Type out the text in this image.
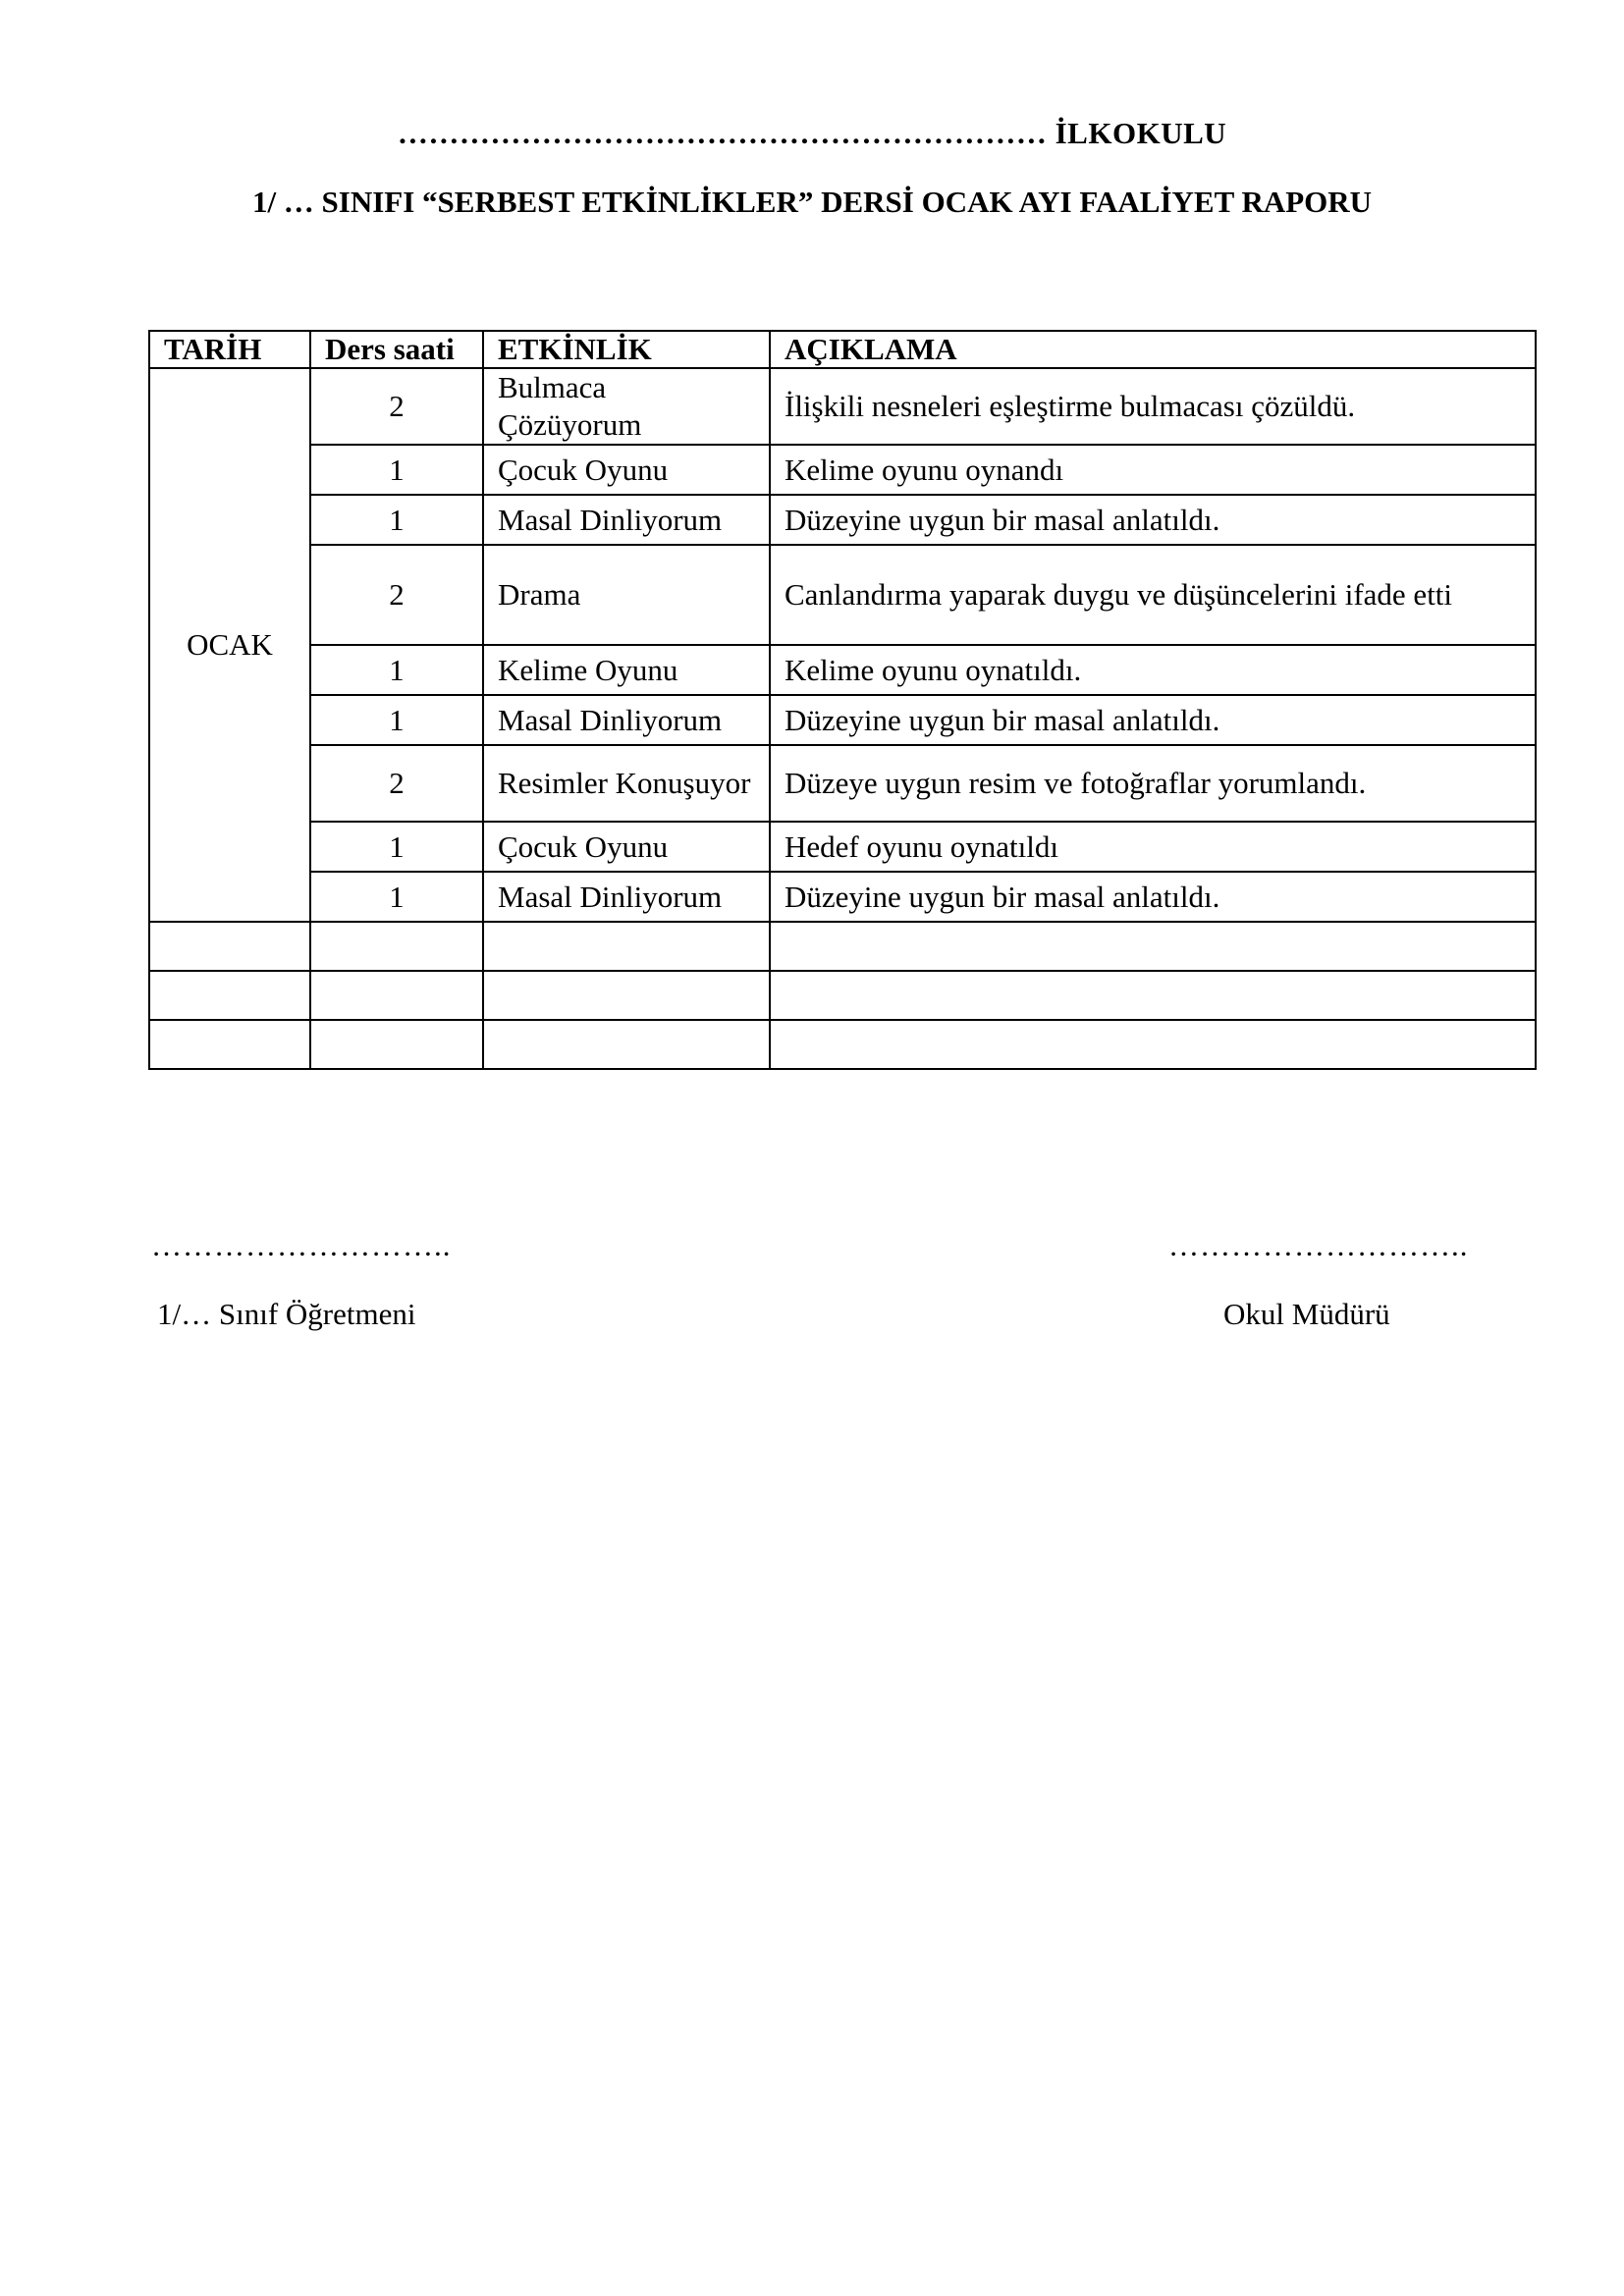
……………………………………………………… İLKOKULU
1/ … SINIFI “SERBEST ETKİNLİKLER” DERSİ OCAK AYI FAALİYET RAPORU
TARİH	Ders saati	ETKİNLİK	AÇIKLAMA
OCAK	2	Bulmaca Çözüyorum	İlişkili nesneleri eşleştirme bulmacası çözüldü.
	1	Çocuk Oyunu	Kelime oyunu oynandı
	1	Masal Dinliyorum	Düzeyine uygun bir masal anlatıldı.
	2	Drama	Canlandırma yaparak duygu ve düşüncelerini ifade etti
	1	Kelime Oyunu	Kelime oyunu oynatıldı.
	1	Masal Dinliyorum	Düzeyine uygun bir masal anlatıldı.
	2	Resimler Konuşuyor	Düzeye uygun resim ve fotoğraflar yorumlandı.
	1	Çocuk Oyunu	Hedef oyunu oynatıldı
	1	Masal Dinliyorum	Düzeyine uygun bir masal anlatıldı.

………………………..	………………………..
1/… Sınıf Öğretmeni	Okul Müdürü
